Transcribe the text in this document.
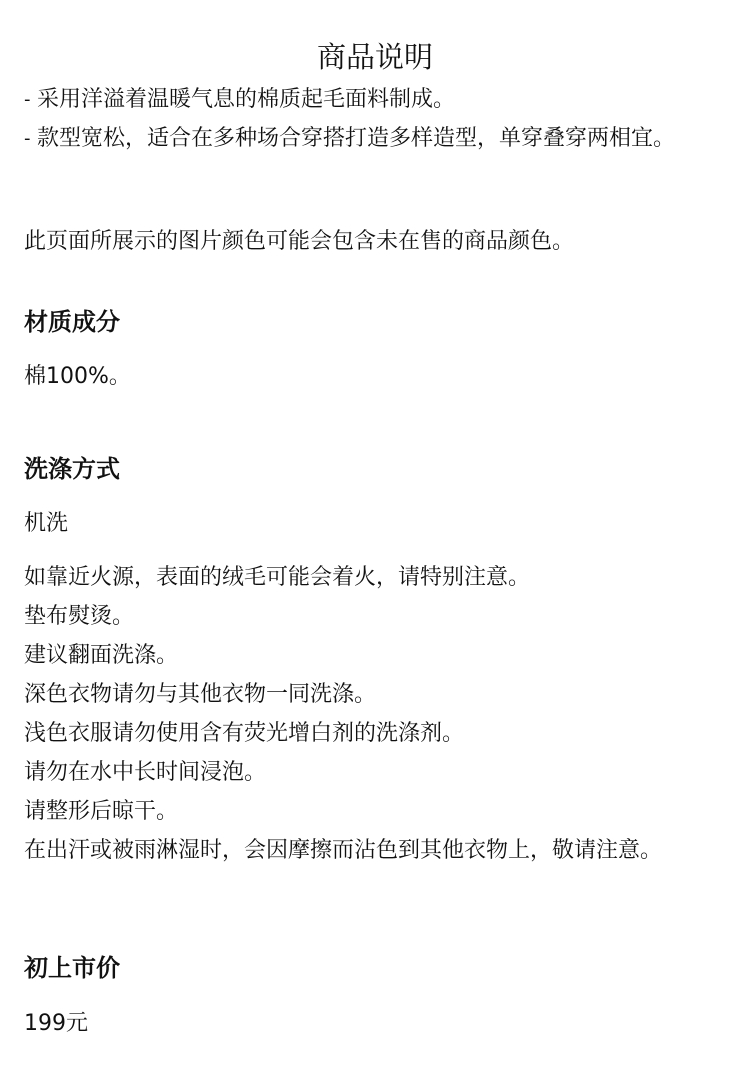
商品说明
- 采用洋溢着温暖气息的棉质起毛面料制成。
- 款型宽松，适合在多种场合穿搭打造多样造型，单穿叠穿两相宜。
此页面所展示的图片颜色可能会包含未在售的商品颜色。
材质成分
棉100%。
洗涤方式
机洗
如靠近火源，表面的绒毛可能会着火，请特别注意。
垫布熨烫。
建议翻面洗涤。
深色衣物请勿与其他衣物一同洗涤。
浅色衣服请勿使用含有荧光增白剂的洗涤剂。
请勿在水中长时间浸泡。
请整形后晾干。
在出汗或被雨淋湿时，会因摩擦而沾色到其他衣物上，敬请注意。
初上市价
199元
